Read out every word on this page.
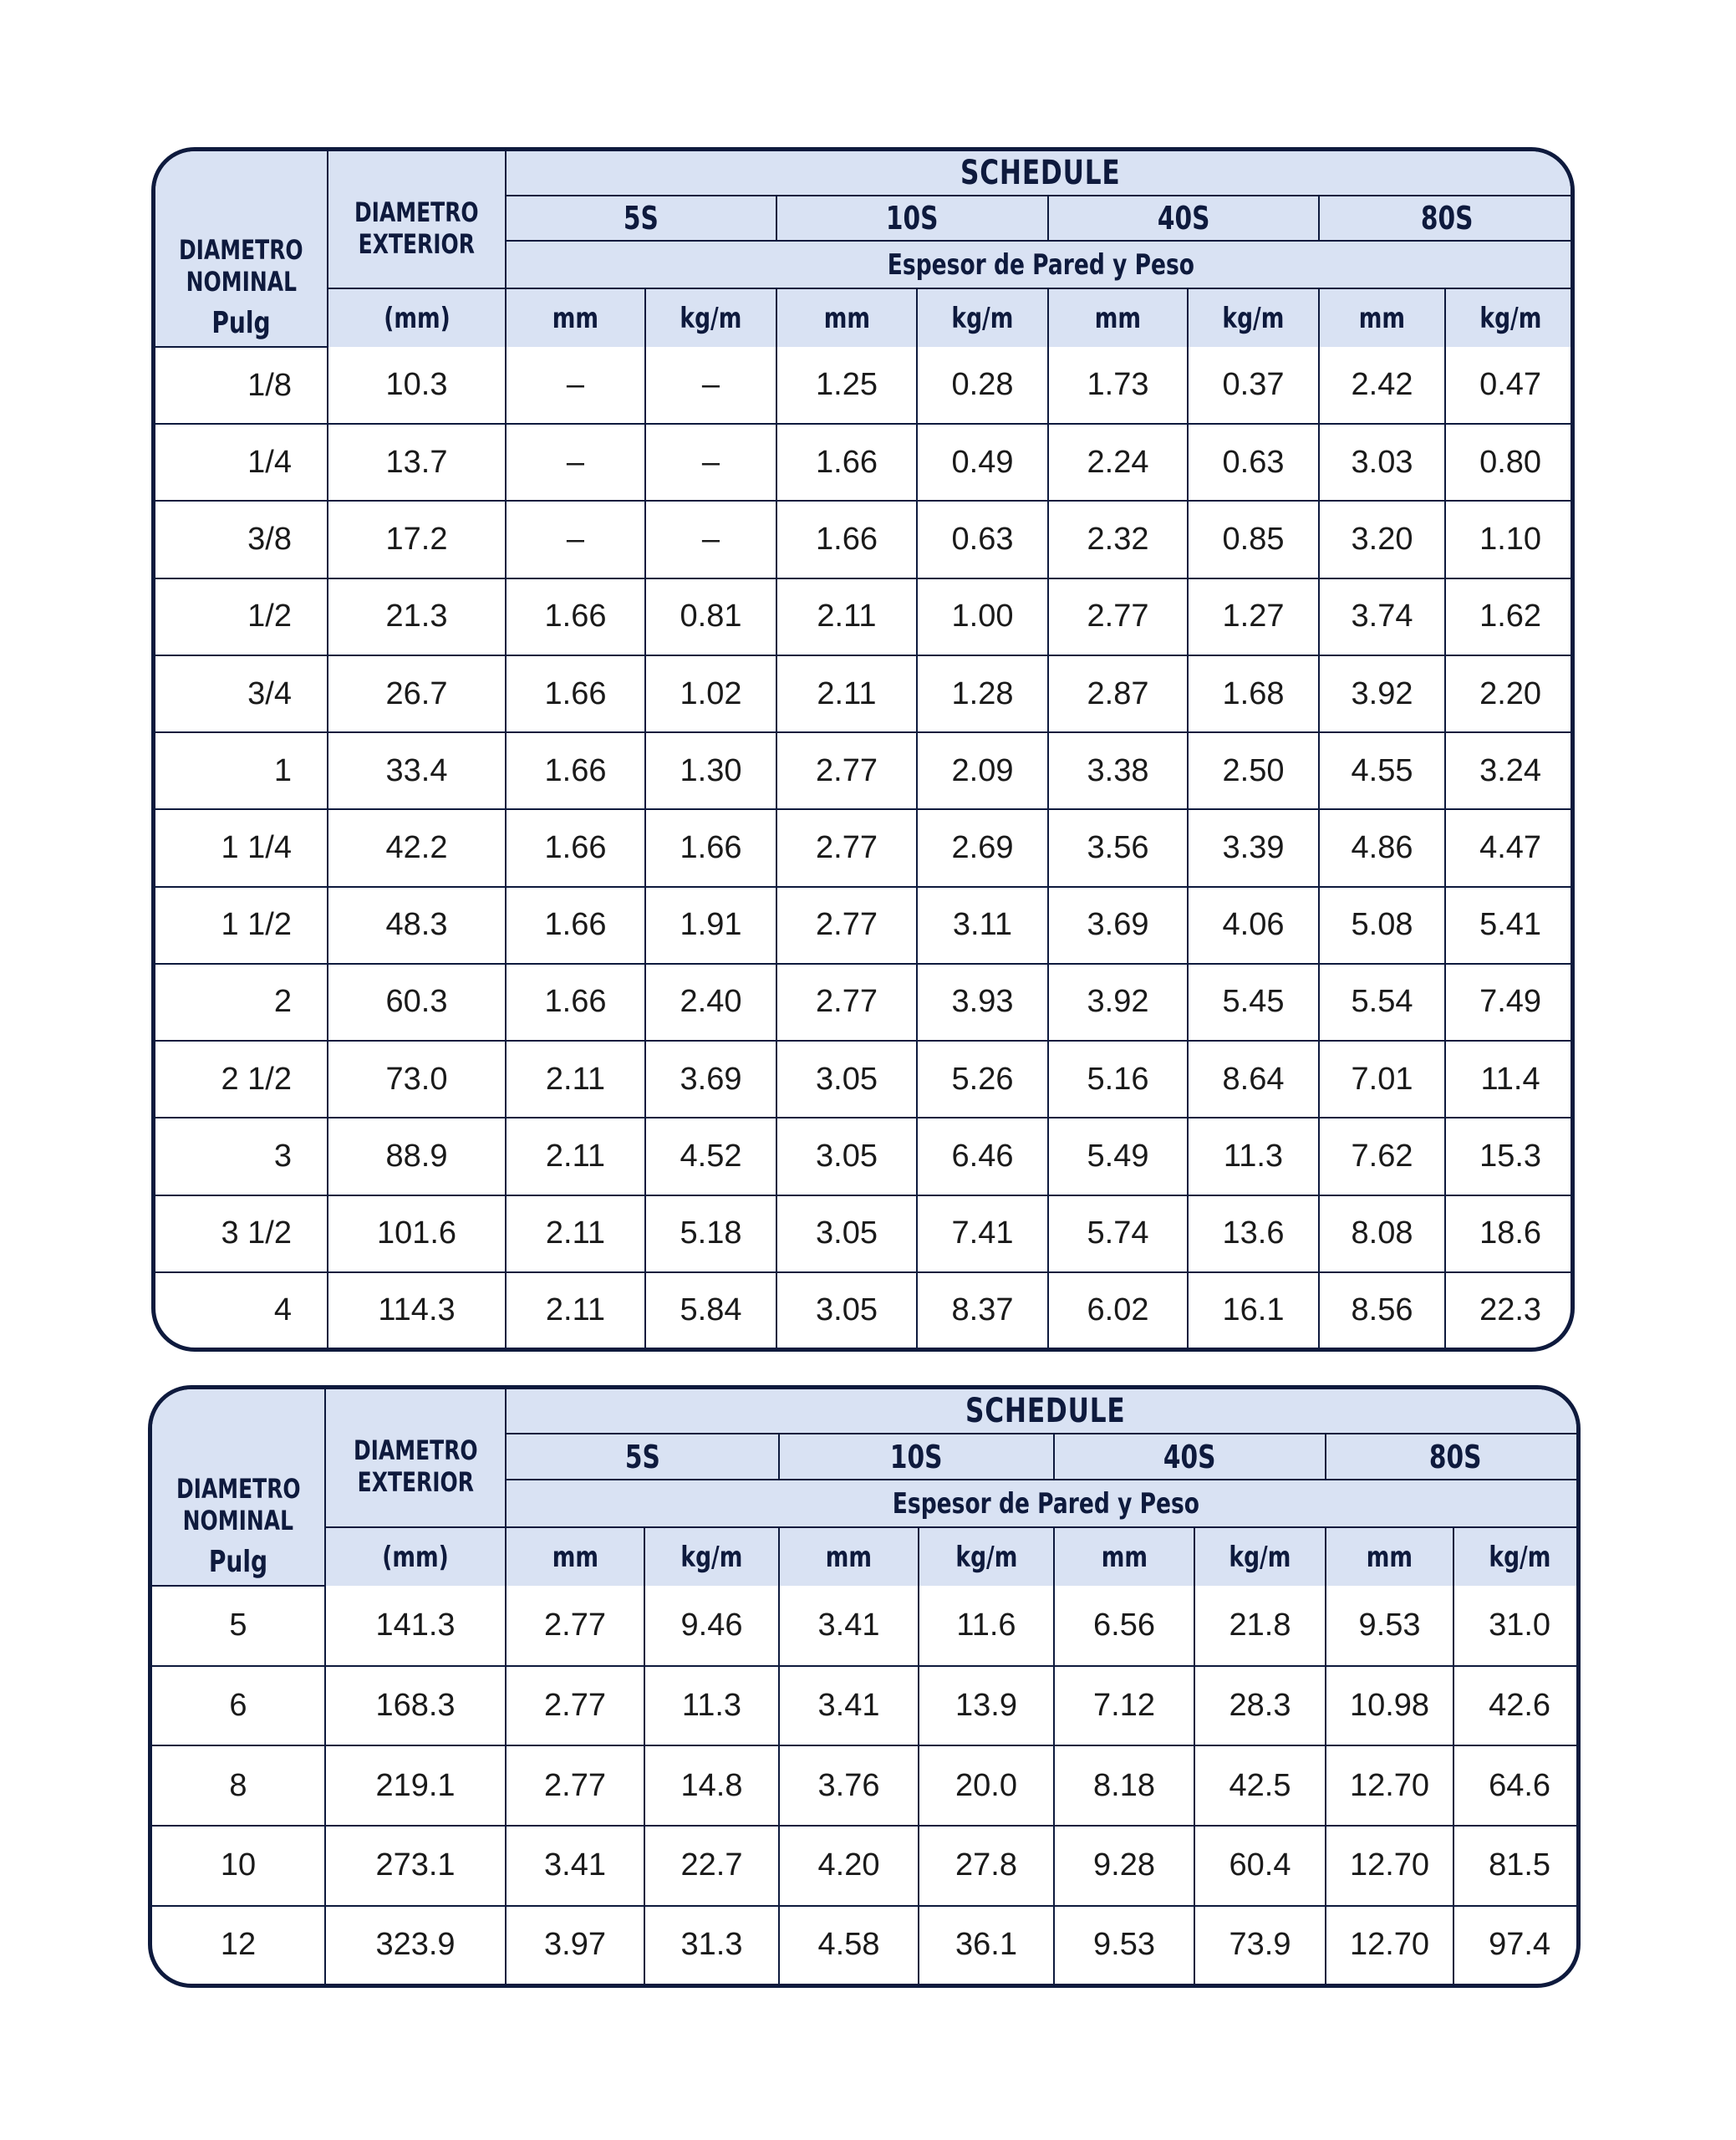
DIAMETRO
NOMINAL

Pulg	DIAMETRO
EXTERIOR	SCHEDULE							
		5S		10S		40S		80S	
		Espesor de Pared y Peso							
	(mm)	mm	kg/m	mm	kg/m	mm	kg/m	mm	kg/m
1/8	10.3	–	–	1.25	0.28	1.73	0.37	2.42	0.47
1/4	13.7	–	–	1.66	0.49	2.24	0.63	3.03	0.80
3/8	17.2	–	–	1.66	0.63	2.32	0.85	3.20	1.10
1/2	21.3	1.66	0.81	2.11	1.00	2.77	1.27	3.74	1.62
3/4	26.7	1.66	1.02	2.11	1.28	2.87	1.68	3.92	2.20
1	33.4	1.66	1.30	2.77	2.09	3.38	2.50	4.55	3.24
1 1/4	42.2	1.66	1.66	2.77	2.69	3.56	3.39	4.86	4.47
1 1/2	48.3	1.66	1.91	2.77	3.11	3.69	4.06	5.08	5.41
2	60.3	1.66	2.40	2.77	3.93	3.92	5.45	5.54	7.49
2 1/2	73.0	2.11	3.69	3.05	5.26	5.16	8.64	7.01	11.4
3	88.9	2.11	4.52	3.05	6.46	5.49	11.3	7.62	15.3
3 1/2	101.6	2.11	5.18	3.05	7.41	5.74	13.6	8.08	18.6
4	114.3	2.11	5.84	3.05	8.37	6.02	16.1	8.56	22.3
DIAMETRO
NOMINAL

Pulg	DIAMETRO
EXTERIOR	SCHEDULE							
		5S		10S		40S		80S	
		Espesor de Pared y Peso							
	(mm)	mm	kg/m	mm	kg/m	mm	kg/m	mm	kg/m
5	141.3	2.77	9.46	3.41	11.6	6.56	21.8	9.53	31.0
6	168.3	2.77	11.3	3.41	13.9	7.12	28.3	10.98	42.6
8	219.1	2.77	14.8	3.76	20.0	8.18	42.5	12.70	64.6
10	273.1	3.41	22.7	4.20	27.8	9.28	60.4	12.70	81.5
12	323.9	3.97	31.3	4.58	36.1	9.53	73.9	12.70	97.4
